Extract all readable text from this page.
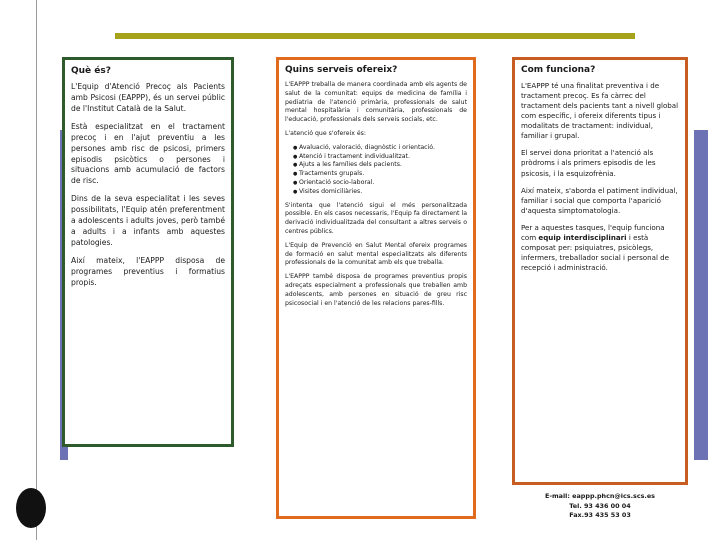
Què és?

L'Equip d'Atenció Precoç als Pacients amb Psicosi (EAPPP), és un servei públic de l'Institut Català de la Salut.

Està especialitzat en el tractament precoç i en l'ajut preventiu a les persones amb risc de psicosi, primers episodis psicòtics o persones i situacions amb acumulació de factors de risc.

Dins de la seva especialitat i les seves possibilitats, l'Equip atén preferentment a adolescents i adults joves, però també a adults i a infants amb aquestes patologies.

Així mateix, l'EAPPP disposa de programes preventius i formatius propis.

Quins serveis ofereix?

L'EAPPP treballa de manera coordinada amb els agents de salut de la comunitat: equips de medicina de família i pediatria de l'atenció primària, professionals de salut mental hospitalària i comunitària, professionals de l'educació, professionals dels serveis socials, etc.

L'atenció que s'ofereix és:

● Avaluació, valoració, diagnòstic i orientació.
● Atenció i tractament individualitzat.
● Ajuts a les famílies dels pacients.
● Tractaments grupals.
● Orientació socio-laboral.
● Visites domiciliàries.

S'intenta que l'atenció sigui el més personalitzada possible. En els casos necessaris, l'Equip fa directament la derivació individualitzada del consultant a altres serveis o centres públics.

L'Equip de Prevenció en Salut Mental ofereix programes de formació en salut mental especialitzats als diferents professionals de la comunitat amb els que treballa.

L'EAPPP també disposa de programes preventius propis adreçats especialment a professionals que treballen amb adolescents, amb persones en situació de greu risc psicosocial i en l'atenció de les relacions pares-fills.

Com funciona?

L'EAPPP té una finalitat preventiva i de tractament precoç. Es fa càrrec del tractament dels pacients tant a nivell global com específic, i ofereix diferents tipus i modalitats de tractament: individual, familiar i grupal.

El servei dona prioritat a l'atenció als pròdroms i als primers episodis de les psicosis, i la esquizofrènia.

Així mateix, s'aborda el patiment individual, familiar i social que comporta l'aparició d'aquesta simptomatologia.

Per a aquestes tasques, l'equip funciona com equip interdisciplinari i està composat per: psiquiatres, psicòlegs, infermers, treballador social i personal de recepció i administració.

E-mail: eappp.phcn@ics.scs.es
Tel. 93 436 00 04
Fax.93 435 53 03
